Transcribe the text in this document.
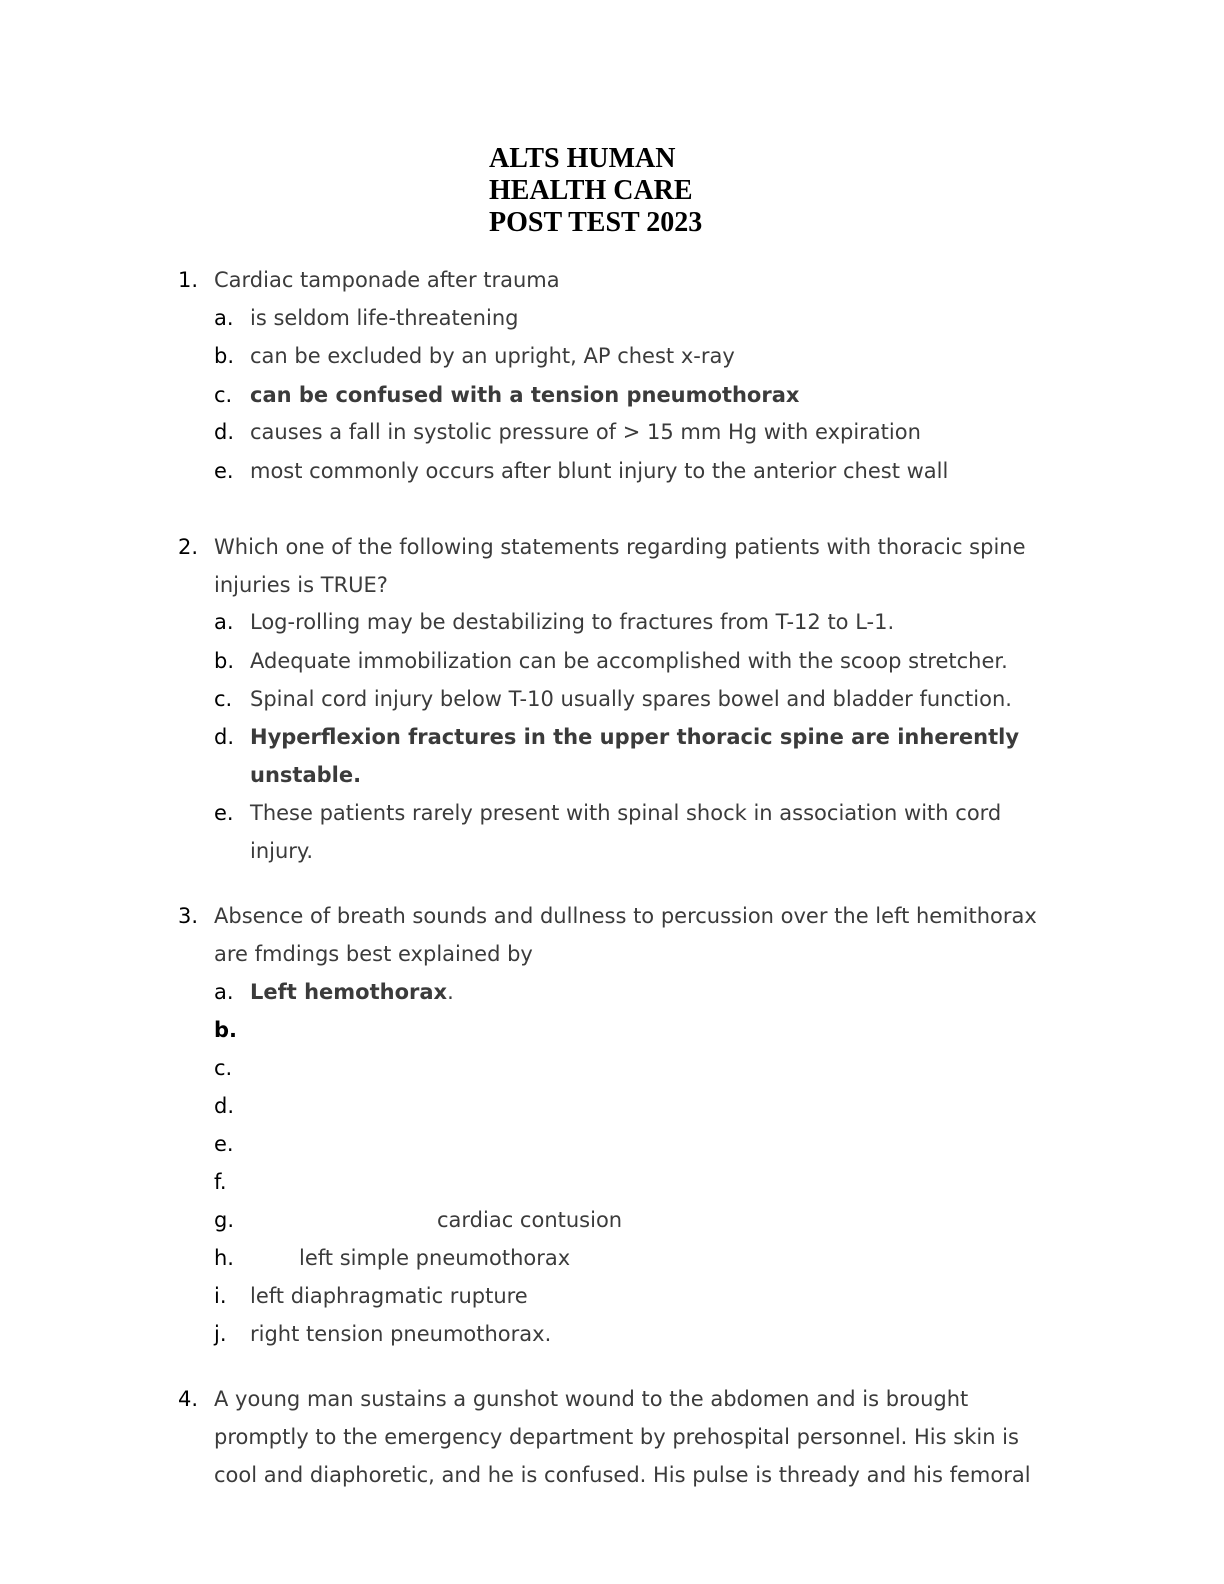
ALTS HUMAN
HEALTH CARE
POST TEST 2023
1. Cardiac tamponade after trauma
a. is seldom life-threatening
b. can be excluded by an upright, AP chest x-ray
c. can be confused with a tension pneumothorax
d. causes a fall in systolic pressure of > 15 mm Hg with expiration
e. most commonly occurs after blunt injury to the anterior chest wall
2. Which one of the following statements regarding patients with thoracic spine
injuries is TRUE?
a. Log-rolling may be destabilizing to fractures from T-12 to L-1.
b. Adequate immobilization can be accomplished with the scoop stretcher.
c. Spinal cord injury below T-10 usually spares bowel and bladder function.
d. Hyperflexion fractures in the upper thoracic spine are inherently
unstable.
e. These patients rarely present with spinal shock in association with cord
injury.
3. Absence of breath sounds and dullness to percussion over the left hemithorax
are fmdings best explained by
a. Left hemothorax.
b.
c.
d.
e.
f.
g.	cardiac contusion
h.	left simple pneumothorax
i. left diaphragmatic rupture
j. right tension pneumothorax.
4. A young man sustains a gunshot wound to the abdomen and is brought
promptly to the emergency department by prehospital personnel. His skin is
cool and diaphoretic, and he is confused. His pulse is thready and his femoral
